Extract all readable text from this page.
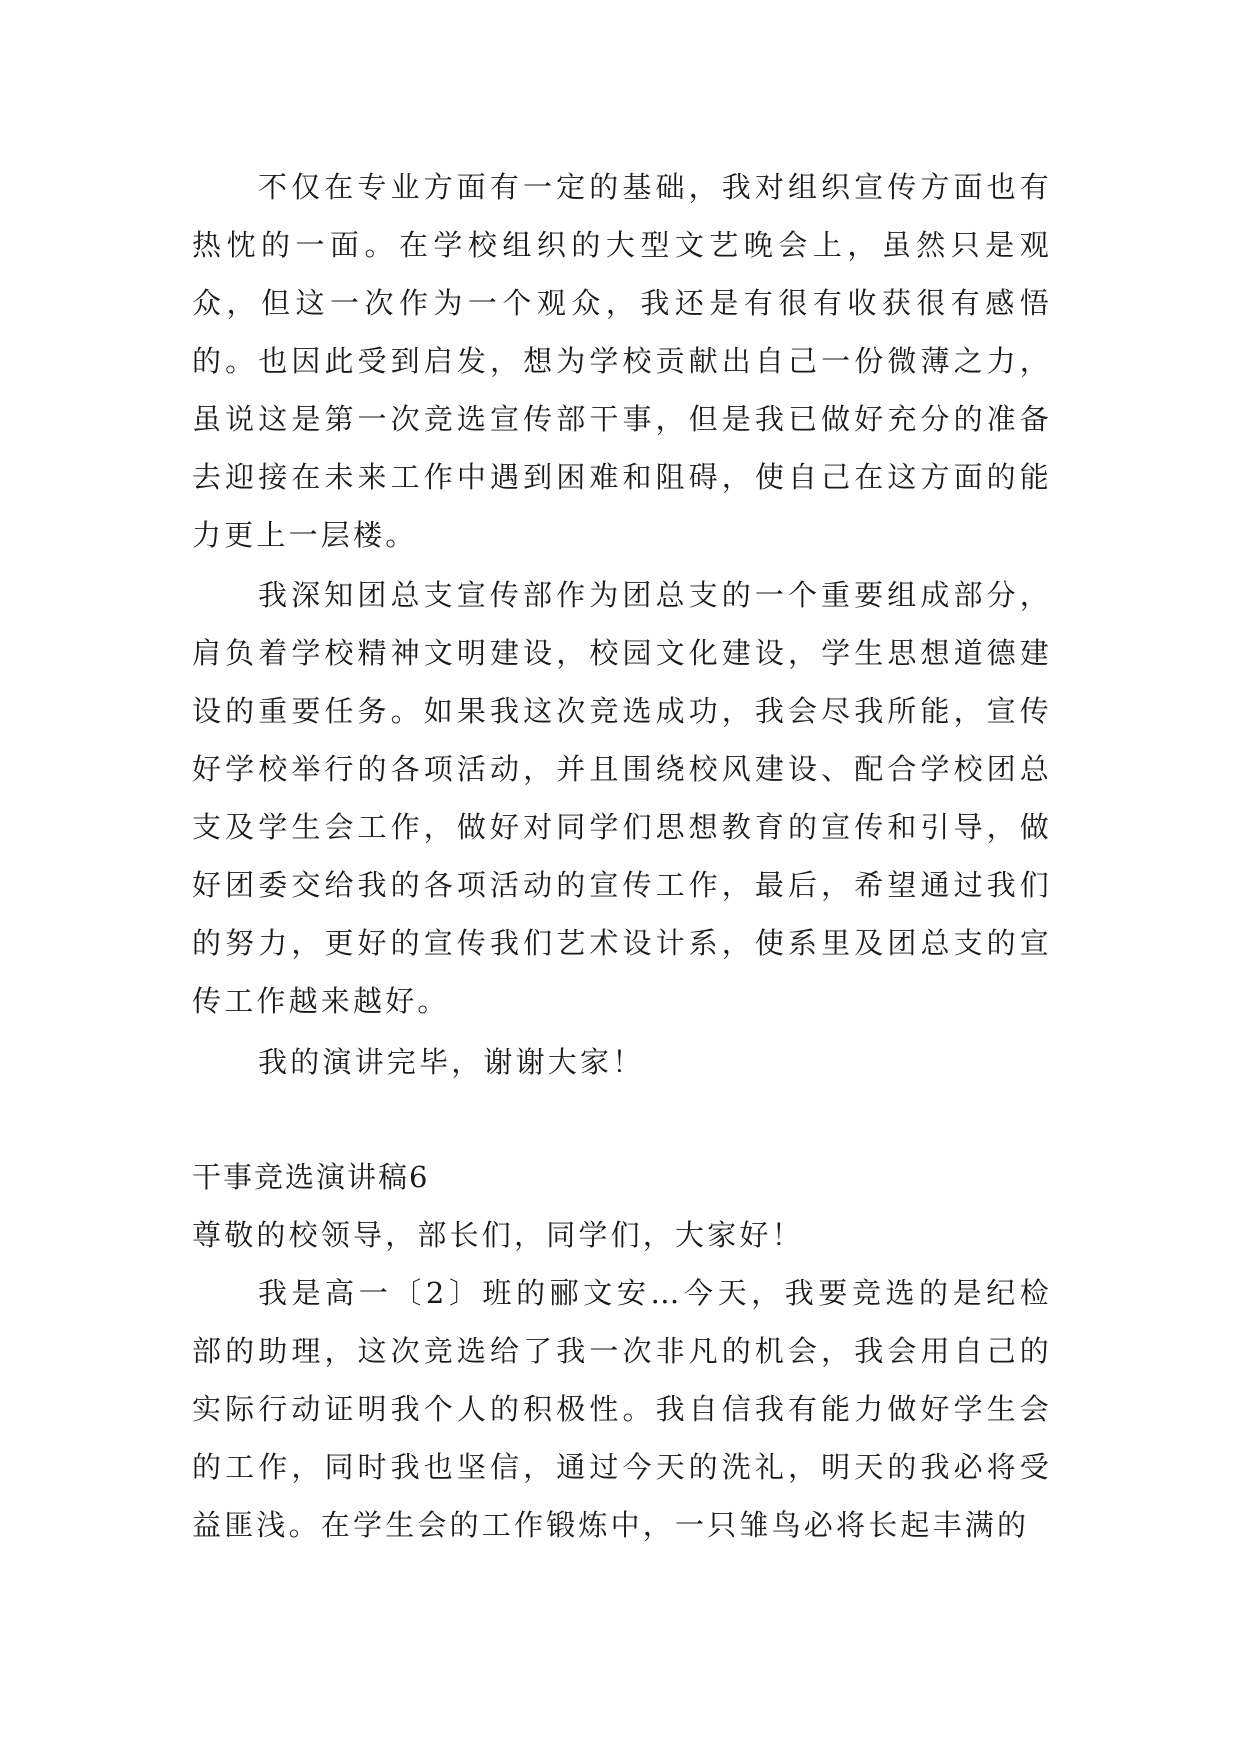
不仅在专业方面有一定的基础，我对组织宣传方面也有热忱的一面。在学校组织的大型文艺晚会上，虽然只是观众，但这一次作为一个观众，我还是有很有收获很有感悟的。也因此受到启发，想为学校贡献出自己一份微薄之力，虽说这是第一次竞选宣传部干事，但是我已做好充分的准备去迎接在未来工作中遇到困难和阻碍，使自己在这方面的能力更上一层楼。

我深知团总支宣传部作为团总支的一个重要组成部分，肩负着学校精神文明建设，校园文化建设，学生思想道德建设的重要任务。如果我这次竞选成功，我会尽我所能，宣传好学校举行的各项活动，并且围绕校风建设、配合学校团总支及学生会工作，做好对同学们思想教育的宣传和引导，做好团委交给我的各项活动的宣传工作，最后，希望通过我们的努力，更好的宣传我们艺术设计系，使系里及团总支的宣传工作越来越好。

我的演讲完毕，谢谢大家！

干事竞选演讲稿6

尊敬的校领导，部长们，同学们，大家好！

我是高一〔2〕班的郦文安…今天，我要竞选的是纪检部的助理，这次竞选给了我一次非凡的机会，我会用自己的实际行动证明我个人的积极性。我自信我有能力做好学生会的工作，同时我也坚信，通过今天的洗礼，明天的我必将受益匪浅。在学生会的工作锻炼中，一只雏鸟必将长起丰满的
